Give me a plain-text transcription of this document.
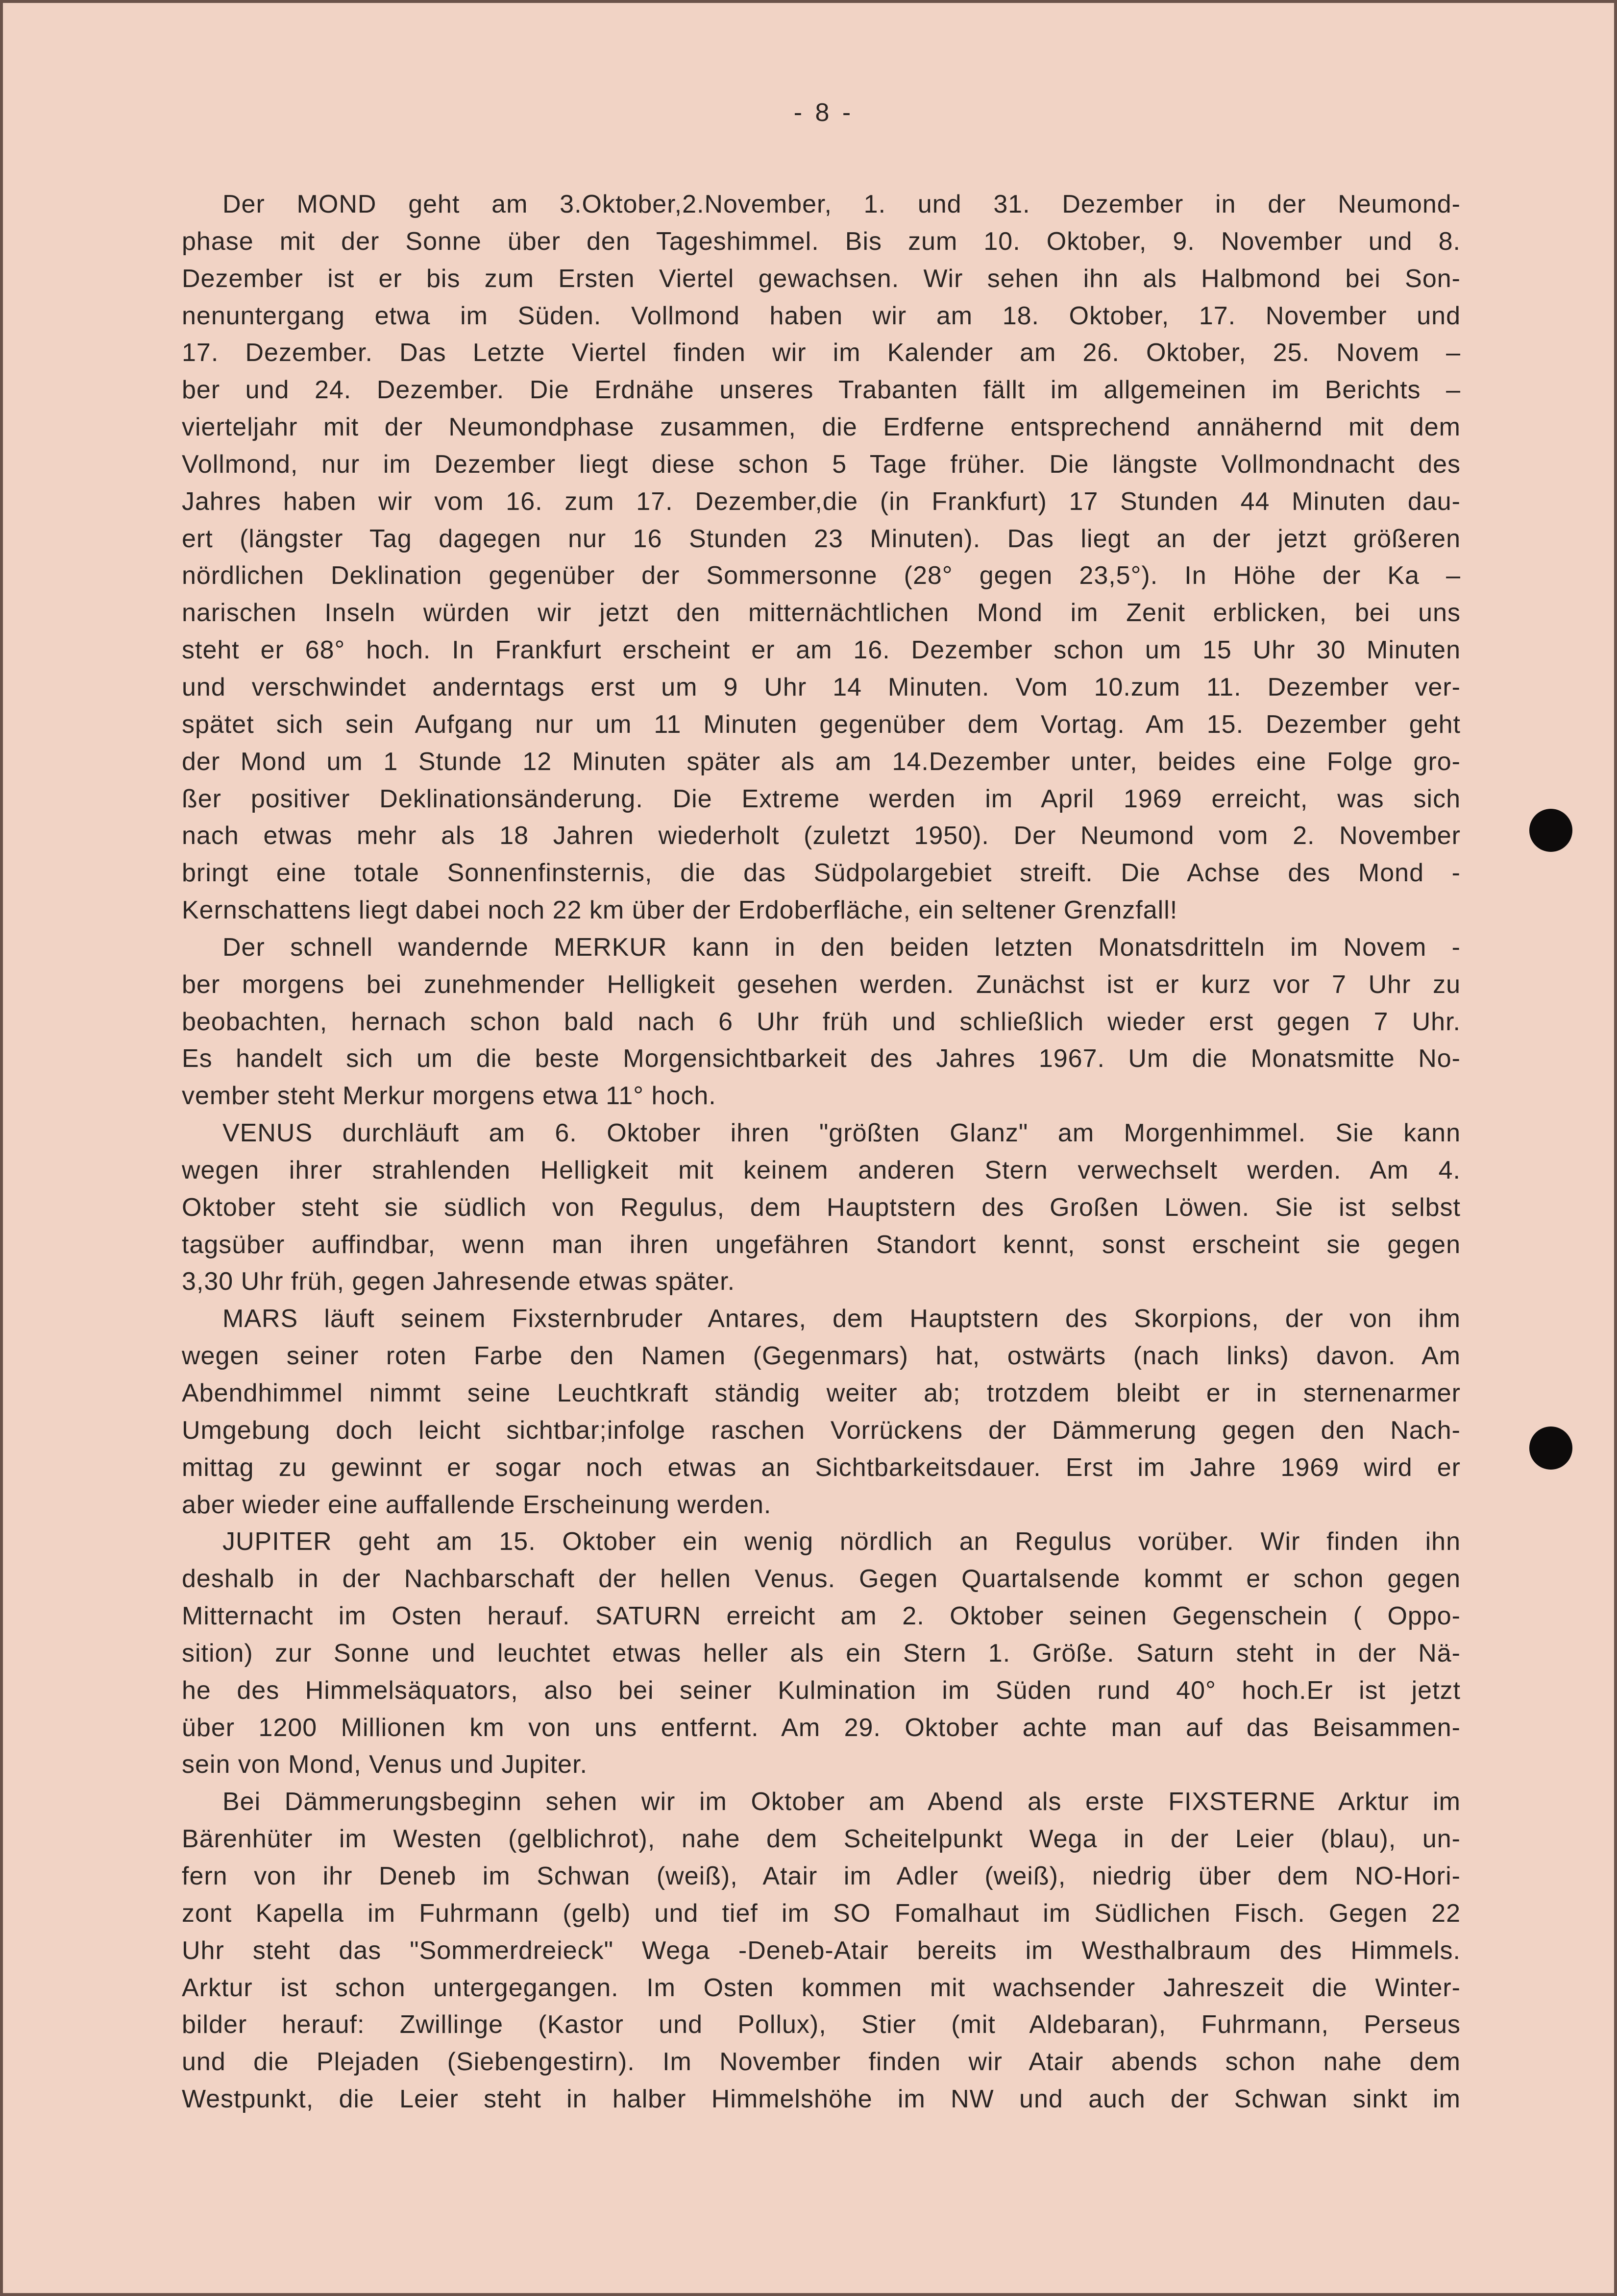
- 8 -
Der MOND geht am 3.Oktober,2.November, 1. und 31. Dezember in der Neumond-
phase mit der Sonne über den Tageshimmel. Bis zum 10. Oktober, 9. November und 8.
Dezember ist er bis zum Ersten Viertel gewachsen. Wir sehen ihn als Halbmond bei Son-
nenuntergang etwa im Süden. Vollmond haben wir am 18. Oktober, 17. November und
17. Dezember. Das Letzte Viertel finden wir im Kalender am 26. Oktober, 25. Novem –
ber und 24. Dezember. Die Erdnähe unseres Trabanten fällt im allgemeinen im Berichts –
vierteljahr mit der Neumondphase zusammen, die Erdferne entsprechend annähernd mit dem
Vollmond, nur im Dezember liegt diese schon 5 Tage früher. Die längste Vollmondnacht des
Jahres haben wir vom 16. zum 17. Dezember,die (in Frankfurt) 17 Stunden 44 Minuten dau-
ert (längster Tag dagegen nur 16 Stunden 23 Minuten). Das liegt an der jetzt größeren
nördlichen Deklination gegenüber der Sommersonne (28° gegen 23,5°). In Höhe der Ka –
narischen Inseln würden wir jetzt den mitternächtlichen Mond im Zenit erblicken, bei uns
steht er 68° hoch. In Frankfurt erscheint er am 16. Dezember schon um 15 Uhr 30 Minuten
und verschwindet anderntags erst um 9 Uhr 14 Minuten. Vom 10.zum 11. Dezember ver-
spätet sich sein Aufgang nur um 11 Minuten gegenüber dem Vortag. Am 15. Dezember geht
der Mond um 1 Stunde 12 Minuten später als am 14.Dezember unter, beides eine Folge gro-
ßer positiver Deklinationsänderung. Die Extreme werden im April 1969 erreicht, was sich
nach etwas mehr als 18 Jahren wiederholt (zuletzt 1950). Der Neumond vom 2. November
bringt eine totale Sonnenfinsternis, die das Südpolargebiet streift. Die Achse des Mond -
Kernschattens liegt dabei noch 22 km über der Erdoberfläche, ein seltener Grenzfall!
Der schnell wandernde MERKUR kann in den beiden letzten Monatsdritteln im Novem -
ber morgens bei zunehmender Helligkeit gesehen werden. Zunächst ist er kurz vor 7 Uhr zu
beobachten, hernach schon bald nach 6 Uhr früh und schließlich wieder erst gegen 7 Uhr.
Es handelt sich um die beste Morgensichtbarkeit des Jahres 1967. Um die Monatsmitte No-
vember steht Merkur morgens etwa 11° hoch.
VENUS durchläuft am 6. Oktober ihren "größten Glanz" am Morgenhimmel. Sie kann
wegen ihrer strahlenden Helligkeit mit keinem anderen Stern verwechselt werden. Am 4.
Oktober steht sie südlich von Regulus, dem Hauptstern des Großen Löwen. Sie ist selbst
tagsüber auffindbar, wenn man ihren ungefähren Standort kennt, sonst erscheint sie gegen
3,30 Uhr früh, gegen Jahresende etwas später.
MARS läuft seinem Fixsternbruder Antares, dem Hauptstern des Skorpions, der von ihm
wegen seiner roten Farbe den Namen (Gegenmars) hat, ostwärts (nach links) davon. Am
Abendhimmel nimmt seine Leuchtkraft ständig weiter ab; trotzdem bleibt er in sternenarmer
Umgebung doch leicht sichtbar;infolge raschen Vorrückens der Dämmerung gegen den Nach-
mittag zu gewinnt er sogar noch etwas an Sichtbarkeitsdauer. Erst im Jahre 1969 wird er
aber wieder eine auffallende Erscheinung werden.
JUPITER geht am 15. Oktober ein wenig nördlich an Regulus vorüber. Wir finden ihn
deshalb in der Nachbarschaft der hellen Venus. Gegen Quartalsende kommt er schon gegen
Mitternacht im Osten herauf. SATURN erreicht am 2. Oktober seinen Gegenschein ( Oppo-
sition) zur Sonne und leuchtet etwas heller als ein Stern 1. Größe. Saturn steht in der Nä-
he des Himmelsäquators, also bei seiner Kulmination im Süden rund 40° hoch.Er ist jetzt
über 1200 Millionen km von uns entfernt. Am 29. Oktober achte man auf das Beisammen-
sein von Mond, Venus und Jupiter.
Bei Dämmerungsbeginn sehen wir im Oktober am Abend als erste FIXSTERNE Arktur im
Bärenhüter im Westen (gelblichrot), nahe dem Scheitelpunkt Wega in der Leier (blau), un-
fern von ihr Deneb im Schwan (weiß), Atair im Adler (weiß), niedrig über dem NO-Hori-
zont Kapella im Fuhrmann (gelb) und tief im SO Fomalhaut im Südlichen Fisch. Gegen 22
Uhr steht das "Sommerdreieck" Wega -Deneb-Atair bereits im Westhalbraum des Himmels.
Arktur ist schon untergegangen. Im Osten kommen mit wachsender Jahreszeit die Winter-
bilder herauf: Zwillinge (Kastor und Pollux), Stier (mit Aldebaran), Fuhrmann, Perseus
und die Plejaden (Siebengestirn). Im November finden wir Atair abends schon nahe dem
Westpunkt, die Leier steht in halber Himmelshöhe im NW und auch der Schwan sinkt im
